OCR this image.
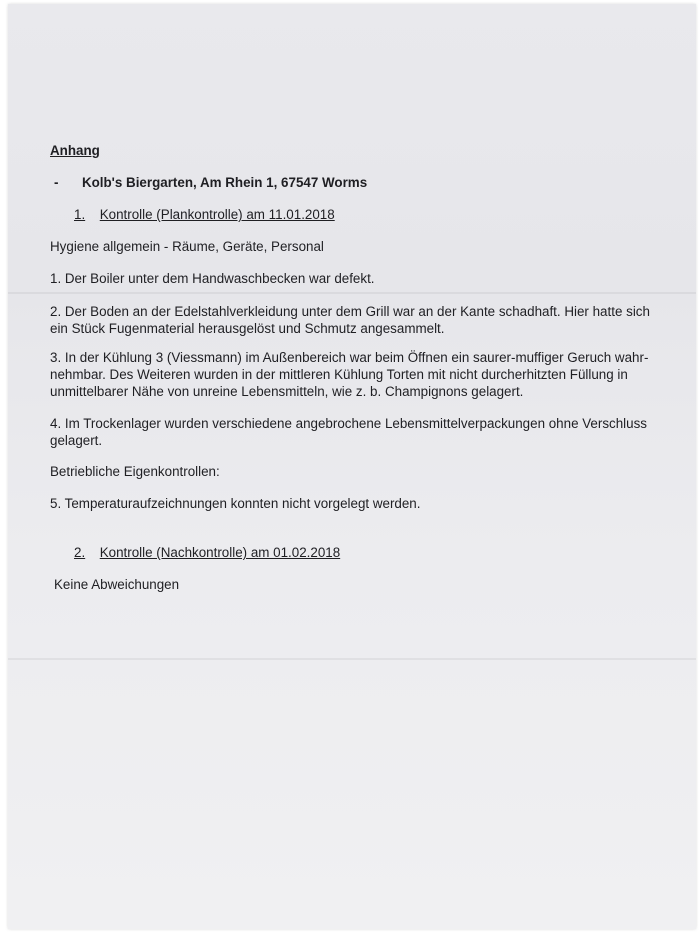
Anhang
- Kolb's Biergarten, Am Rhein 1, 67547 Worms
1. Kontrolle (Plankontrolle) am 11.01.2018
Hygiene allgemein - Räume, Geräte, Personal
1. Der Boiler unter dem Handwaschbecken war defekt.
2. Der Boden an der Edelstahlverkleidung unter dem Grill war an der Kante schadhaft. Hier hatte sich
ein Stück Fugenmaterial herausgelöst und Schmutz angesammelt.
3. In der Kühlung 3 (Viessmann) im Außenbereich war beim Öffnen ein saurer-muffiger Geruch wahr-
nehmbar. Des Weiteren wurden in der mittleren Kühlung Torten mit nicht durcherhitzten Füllung in
unmittelbarer Nähe von unreine Lebensmitteln, wie z. b. Champignons gelagert.
4. Im Trockenlager wurden verschiedene angebrochene Lebensmittelverpackungen ohne Verschluss
gelagert.
Betriebliche Eigenkontrollen:
5. Temperaturaufzeichnungen konnten nicht vorgelegt werden.
2. Kontrolle (Nachkontrolle) am 01.02.2018
Keine Abweichungen
